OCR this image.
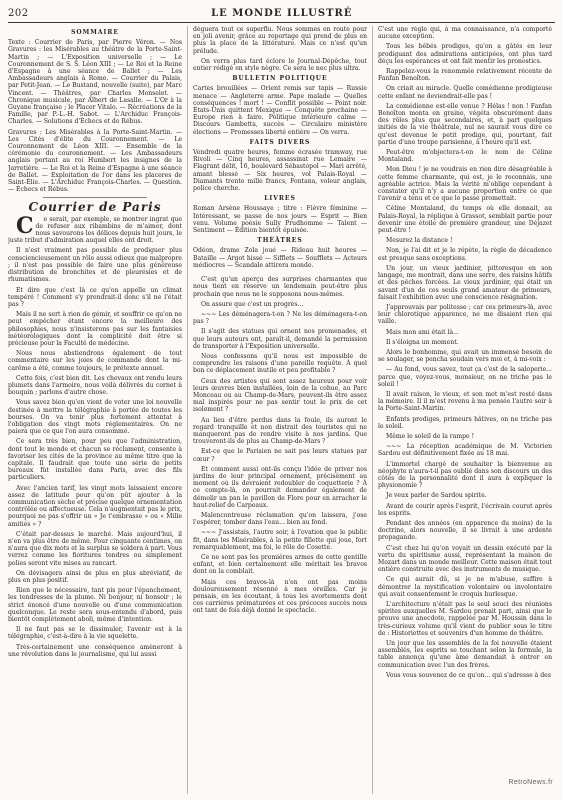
202	LE MONDE ILLUSTRÉ
SOMMAIRE

Texte : Courrier de Paris, par Pierre Véron. — Nos Gravures : les Misérables au théâtre de la Porte-Saint-Martin ; — L'Exposition universelle ; — Le Couronnement de S. S. Léon XIII ; — Le Roi et la Reine d'Espagne à une séance de Ballet ; — Les Ambassadeurs anglais à Rome. — Courrier du Palais, par Petit-Jean. — Le Bustand, nouvelle (suite), par Marc Vincent. — Théâtres, par Charles Monselet. — Chronique musicale, par Albert de Lasalle. — L'Or à la Guyane française ; le Placer Vitalo. — Récréations de la Famille, par P.-L.-H. Sabot. — L'Archiduc François-Charles. — Solutions d'Échecs et de Rébus.

Gravures : Les Misérables à la Porte-Saint-Martin. — Les Cités d'élite du Couronnement. — Le Couronnement de Léon XIII. — Ensemble de la cérémonie du couronnement. — Les Ambassadeurs anglais portant au roi Humbert les insignes de la Jarretière. — Le Roi et la Reine d'Espagne à une séance de Ballet. — Exploitation de l'or dans les placeres de Saint-Élie. — L'Archiduc François-Charles. — Question. — Échecs et Rébus.

Courrier de Paris

C e serait, par exemple, se montrer ingrat que de refuser aux ribambins de m'aimer, dont nous savourons les délices depuis huit jours, le juste tribut d'admiration auquel elles ont droit.

Il n'est vraiment pas possible de prodiguer plus consciencieusement un rôle aussi odieux que malpropre ; il n'est pas possible de faire une plus généreuse distribution de bronchites et de pleurésies et de rhumatismes.

Et dire que c'est là ce qu'on appelle un climat tempéré ! Comment s'y prendrait-il donc s'il ne l'était pas ?

Mais il ne sert à rien de gémir, et souffrir ce qu'on ne peut empêcher étant encore la meilleure des philosophies, nous n'insisterons pas sur les fantaisies météorologiques dont la complicité doit être si précieuse pour la Faculté de médecine.

Nous nous abstiendrons également de tout commentaire sur les joies de commande dont la mi-carême a été, comme toujours, le prétexte annuel.

Cette fois, c'est bien dit. Les chevaux ont rendu leurs plumets dans l'armoire, nous voilà délivrés du cornet à bouquin ; parlons d'autre chose.

Vous savez bien qu'en vient de voter une loi nouvelle destinée à mettre la télégraphie à portée de toutes les bourses. On va tenir plus fortement attentat à l'obligation des vingt mots réglementaires. On ne paiera que ce que l'on aura consommé.

Ce sera très bien, pour peu que l'administration, dont tout le monde et chacun se réclament, consente à favoriser les cités de la province au même titre que la capitale. Il faudrait que toute une série de petits bureaux fût installée dans Paris, avec des fils particuliers.

Avec l'ancien tarif, les vingt mots laissaient encore assez de latitude pour qu'on pût ajouter à la communication sèche et précise quelque ornementation contrôlée ou affectueuse. Cela n'augmentait pas le prix, pourquoi ne pas s'offrir un « Je t'embrasse » ou « Mille amitiés » ?

C'était par-dessus le marché. Mais aujourd'hui, il n'en va plus être de même. Pour cinquante centimes, on n'aura que dix mots et la surplus se soldera à part. Vous verrez comme les fioritures tendres ou simplement polies seront vite mises au rancart.

On dévisagera ainsi de plus en plus abréviatif, de plus en plus positif.

Rien que le nécessaire, tant pis pour l'épanchement, les tendresses de la plume. Ni bonjour, ni bonsoir ; le strict énoncé d'une nouvelle ou d'une communication quelconque. Le reste sera sous-entendu d'abord, puis bientôt complètement aboli, même d'intention.

Il ne faut pas se le dissimuler, l'avenir est à la télégraphie, c'est-à-dire à la vie squelette.

Très-certainement une conséquence amèneront à une révolution dans le journalisme, qui lui aussi

déguera tout ce superflu. Nous sommes en route pour en joli avenir, grâce au reportage qui prend de plus en plus la place de la littérature. Mais ce n'est qu'un prélude.

On verra plus tard éclore le Journal-Dépêche, tout entier rédigé en style nègre. Ce sera le nec plus ultra.

BULLETIN POLITIQUE

Cartes brouillées — Orient remis sur tapis — Russie menace — Angleterre arme. Pape malade — Quelles conséquences ! mort ! — Conflit possible — Point noir. États-Unis quittent Mexique — Conquête prochaine — Europe rien à faire. Politique intérieure calme — Discours Gambetta, succès — Circulaire ministère élections — Promesses liberté entière — On verra.

FAITS DIVERS

Vendredi quatre heures, femme écrasée tramway, rue Rivoli — Cinq heures, assassinat rue Lemaire — Flagrant délit, 16, boulevard Sébastopol — Mari arrêté, amant blessé — Six heures, vol Palais-Royal — Diamants trente mille francs, Fontana, voleur anglais, police cherche.

LIVRES

Roman Arsène Houssaye ; titre : Fièvre féminine — Intéressant, se passe de nos jours — Esprit — Bien venu. Volume poésie Sully Prudhomme — Talent — Sentiment — Édition bientôt épuisée.

THÉÂTRES

Odéon, drame Zola joué — Rideau huit heures — Bataille — Argot hissé — Sifflets — Soufflets — Acteurs médiocres — Scandale attirera monde.

C'est qu'un aperçu des surprises charmantes que nous tient en réserve un lendemain peut-être plus prochain que nous ne le supposons nous-mêmes.

On assure que c'est un progrès...

~~~ Les déménagera-t-on ? Ne les déménagera-t-on pas ?

Il s'agit des statues qui ornent nos promenades, et que leurs auteurs ont, paraît-il, demandé la permission de transporter à l'Exposition universelle.

Nous confessons qu'il nous est impossible de comprendre les raisons d'une pareille requête. À quel bon ce déplacement inutile et peu profitable ?

Ceux des artistes qui sont assez heureux pour voir leurs œuvres bien installées, loin de la cohue, au Parc Monceau ou au Champ-de-Mars, peuvent-ils être assez mal inspirés pour ne pas sentir tout le prix de cet isolement ?

Au lieu d'être perdus dans la foule, ils auront le regard tranquille et non distrait des touristes qui ne manqueront pas de rendre visite à nos jardins. Que trouveront-ils de plus au Champ-de-Mars ?

Est-ce que le Parisien ne sait pas leurs statues par cœur ?

Et comment aussi ont-ils conçu l'idée de priver nos jardins de leur principal ornement, précisément au moment où ils devraient redoubler de coquetterie ? À ce compte-là, on pourrait demander également de démolir un pan le pavillon de Flore pour en arracher le haut-relief de Carpeaux.

Malencontreuse réclamation qu'on laissera, j'ose l'espérer, tomber dans l'eau... bien au fond.

~~~ J'assistais, l'autre soir, à l'ovation que le public fit, dans les Misérables, à la petite fillette qui joue, fort remarquablement, ma foi, le rôle de Cosette.

Ce ne sont pas les premières armes de cette gentille enfant, et bien certainement elle méritait les bravos dont on la comblait.

Mais ces bravos-là n'en ont pas moins douloureusement résonné à mes oreilles. Car je pensais, en les écoutant, à tous les avortements dont ces carrières prématurées et ces précoces succès nous ont tant de fois déjà donné le spectacle.

C'est une règle qui, à ma connaissance, n'a comporté aucune exception.

Tous les bébés prodiges, qu'on a gâtés en leur prodiguant des admirations anticipées, ont plus tard déçu les espérances et ont fait mentir les pronostics.

Rappelez-vous la renommée relativement récente de Fanfan Benoîton.

On criait au miracle. Quelle comédienne prodigieuse cette enfant ne deviendrait-elle pas !

La comédienne est-elle venue ? Hélas ! non ! Fanfan Benoîton monta en graine, végéta obscurément dans des rôles plus que secondaires, et, à part quelques initiés de la vie théâtrale, nul ne saurait vous dire ce qu'est devenue le petit prodige, qui, pourtant, fait partie d'une troupe parisienne, à l'heure qu'il est.

Peut-être m'objectera-t-on le nom de Céline Montaland.

Mon Dieu ! je ne voudrais en rien dire désagréable à cette femme charmante, qui est, je le reconnais, une agréable actrice. Mais la vérité m'oblige cependant à constater qu'il n'y a aucune proportion entre ce que l'avenir a tenu et ce que le passé promettait.

Céline Montaland, du temps où elle donnait, au Palais-Royal, la réplique à Grassot, semblait partie pour devenir une étoile de première grandeur, une Déjazet peut-être !

Mesurez la distance !

Non, je l'ai dit et je le répète, la règle de décadence est presque sans exceptions.

Un jour, un vieux jardinier, pittoresque en son langage, me montrait, dans une serre, des raisins hâtifs et des pêches forcées. Le vieux jardinier, qui était un savant d'un de ces seuls grand amateur de primeurs, faisait l'exhibition avec une conscience résignation.

J'approuvais par politesse ; car ces primeurs-là, avec leur chlorotique apparence, ne me disaient rien qui vaille.

Mais mon ami était là...

Il s'éloigna un moment.

Alors le bonhomme, qui avait un immense besoin de se soulager, se pencha soudain vers moi et, à mi-voix :

— Au fond, vous savez, tout ça c'est de la saloperie... parce que, voyez-vous, monsieur, on ne triche pas le soleil !

Il avait raison, le vieux, et son mot m'est resté dans la mémoire. Il il m'est revenu à ma pensée l'autre soir à la Porte-Saint-Martin.

Enfants prodiges, primeurs hâtives, on ne triche pas le soleil.

Même le soleil de la rampe !

~~~ La réception académique de M. Victorien Sardou est définitivement fixée au 18 mai.

L'immortel chargé de souhaiter la bienvenue au néophyte n'aura-t-il pas oublié dans son discours un des côtés de la personnalité dont il aura à expliquer la physionomie ?

Je veux parler de Sardou spirite.

Avant de courir après l'esprit, l'écrivain courut après les esprits.

Pendant des années (en apparence du moins) de la doctrine, alors nouvelle, il se livrait à une ardente propagande.

C'est chez lui qu'on voyait un dessin exécuté par la vertu du spiritisme aussi, représentant la maison de Mozart dans un monde meilleur. Cette maison était tout entière construite avec des instruments de musique.

Ce qui aurait dû, si je ne m'abuse, suffire à démontrer la mystification volontaire ou involontaire qui avait consentement le croquis burlesque.

L'architecture n'était pas le seul souci des réunions spirites auxquelles M. Sardou prenait part, ainsi que le prouve une anecdote, rappelée par M. Houssin dans le très-curieux volume qu'il vient de publier sous le titre de : Historiettes et souvenirs d'un homme de théâtre.

Un jour que les assemblés de la foi nouvelle étaient assemblés, les esprits se touchant selon la formule, la table annonça qu'une âme demandait à entrer en communication avec l'un des frères.

Vous vous souvenez de ce qu'on... qui s'adresse à des

RetroNews.fr
